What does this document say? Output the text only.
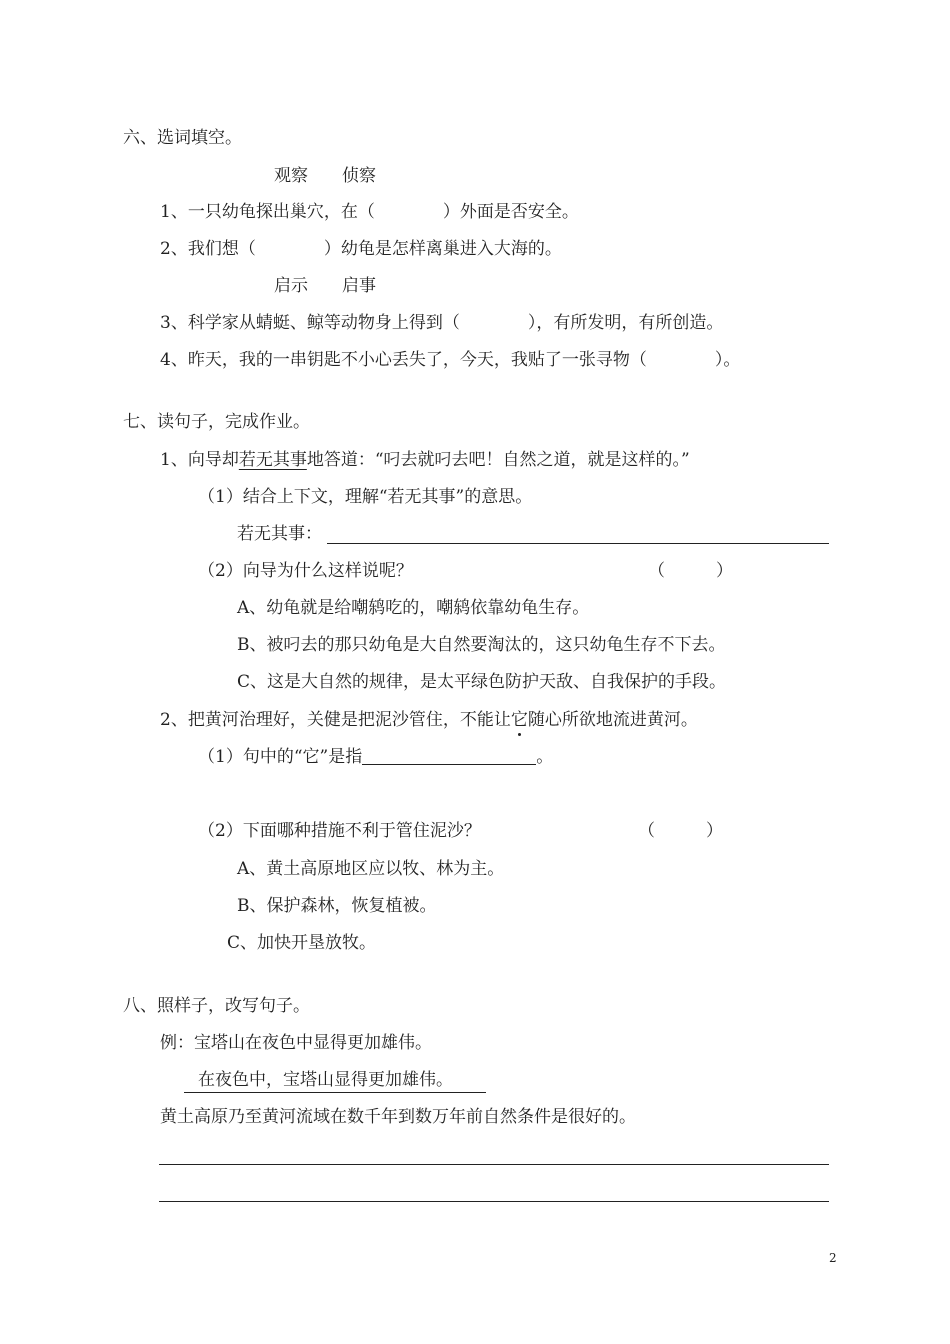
六、选词填空。
观察　　侦察
1、一只幼龟探出巢穴，在（　　　　）外面是否安全。
2、我们想（　　　　）幼龟是怎样离巢进入大海的。
启示　　启事
3、科学家从蜻蜓、鲸等动物身上得到（　　　　），有所发明，有所创造。
4、昨天，我的一串钥匙不小心丢失了，今天，我贴了一张寻物（　　　　）。
七、读句子，完成作业。
1、向导却若无其事地答道：“叼去就叼去吧！自然之道，就是这样的。”
（1）结合上下文，理解“若无其事”的意思。
若无其事：
（2）向导为什么这样说呢？	（　　　）
A、幼龟就是给嘲鸫吃的，嘲鸫依靠幼龟生存。
B、被叼去的那只幼龟是大自然要淘汰的，这只幼龟生存不下去。
C、这是大自然的规律，是太平绿色防护天敌、自我保护的手段。
2、把黄河治理好，关健是把泥沙管住，不能让它随心所欲地流进黄河。
（1）句中的“它”是指	。
（2）下面哪种措施不利于管住泥沙？	（　　　）
A、黄土高原地区应以牧、林为主。
B、保护森林，恢复植被。
C、加快开垦放牧。
八、照样子，改写句子。
例：宝塔山在夜色中显得更加雄伟。
在夜色中，宝塔山显得更加雄伟。
黄土高原乃至黄河流域在数千年到数万年前自然条件是很好的。
2
